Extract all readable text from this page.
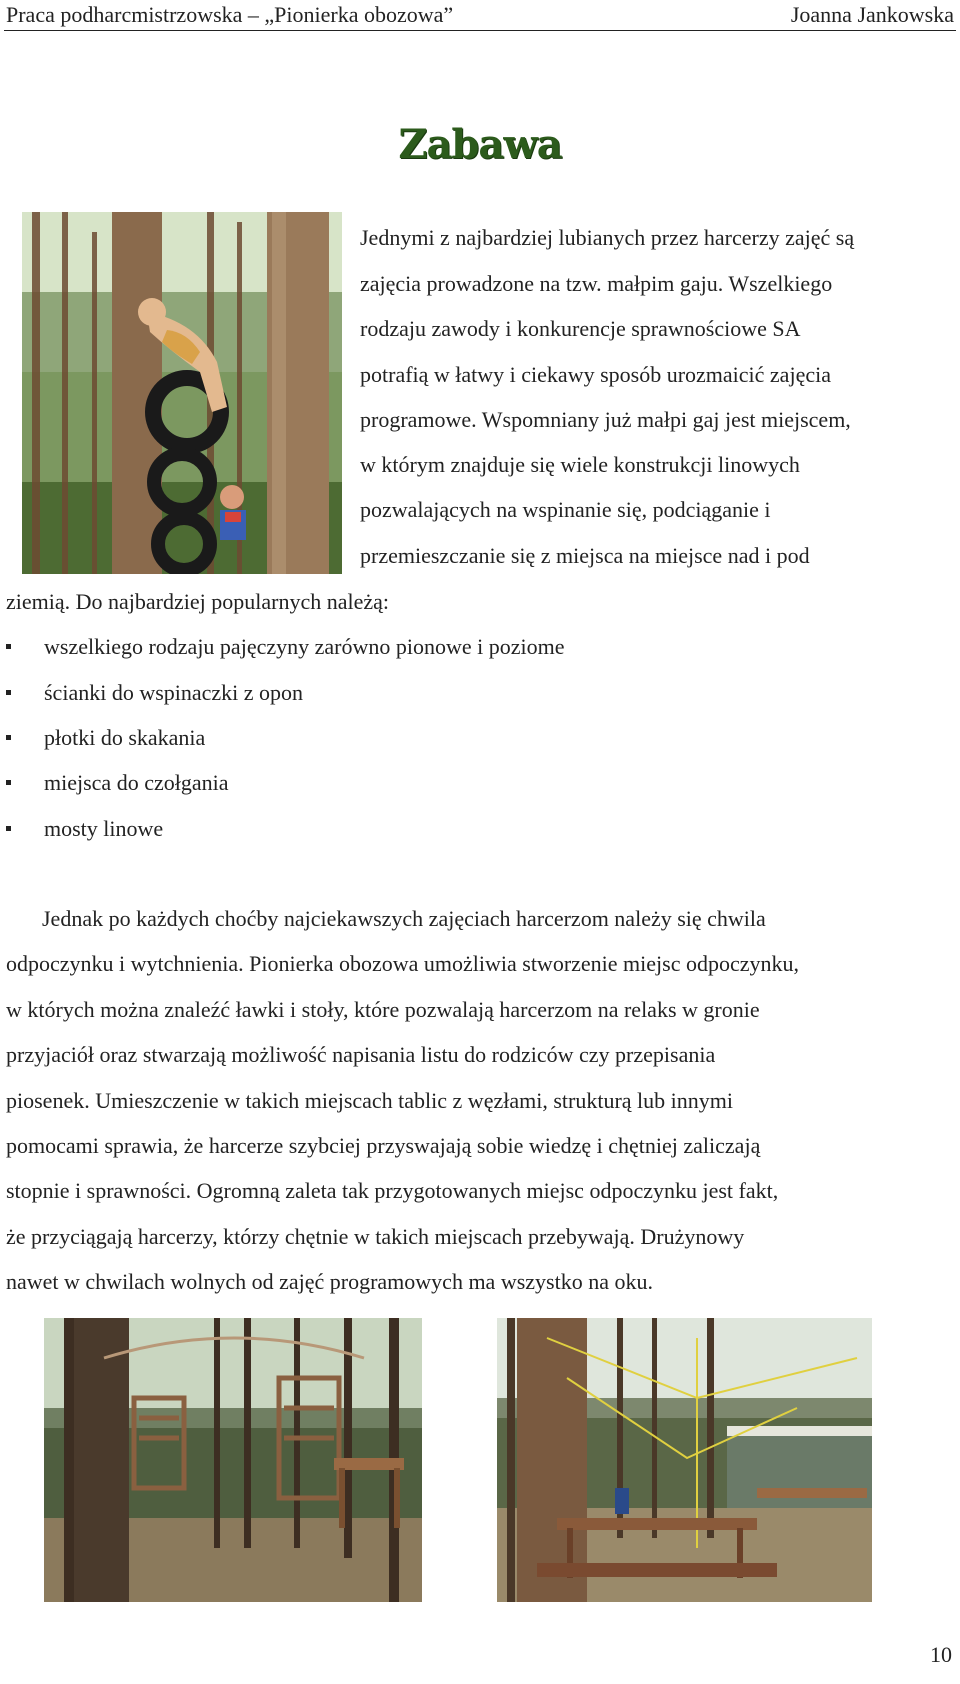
Praca podharcmistrzowska – „Pionierka obozowa”	Joanna Jankowska
Zabawa
Jednymi z najbardziej lubianych przez harcerzy zajęć są
zajęcia prowadzone na tzw. małpim gaju. Wszelkiego
rodzaju zawody i konkurencje sprawnościowe SA
potrafią w łatwy i ciekawy sposób urozmaicić zajęcia
programowe. Wspomniany już małpi gaj jest miejscem,
w którym znajduje się wiele konstrukcji linowych
pozwalających na wspinanie się, podciąganie i
przemieszczanie się z miejsca na miejsce nad i pod
ziemią. Do najbardziej popularnych należą:
wszelkiego rodzaju pajęczyny zarówno pionowe i poziome
ścianki do wspinaczki z opon
płotki do skakania
miejsca do czołgania
mosty linowe
Jednak po każdych choćby najciekawszych zajęciach harcerzom należy się chwila
odpoczynku i wytchnienia. Pionierka obozowa umożliwia stworzenie miejsc odpoczynku,
w których można znaleźć ławki i stoły, które pozwalają harcerzom na relaks w gronie
przyjaciół oraz stwarzają możliwość napisania listu do rodziców czy przepisania
piosenek. Umieszczenie w takich miejscach tablic z węzłami, strukturą lub innymi
pomocami sprawia, że harcerze szybciej przyswajają sobie wiedzę i chętniej zaliczają
stopnie i sprawności. Ogromną zaleta tak przygotowanych miejsc odpoczynku jest fakt,
że przyciągają harcerzy, którzy chętnie w takich miejscach przebywają. Drużynowy
nawet w chwilach wolnych od zajęć programowych ma wszystko na oku.
10
